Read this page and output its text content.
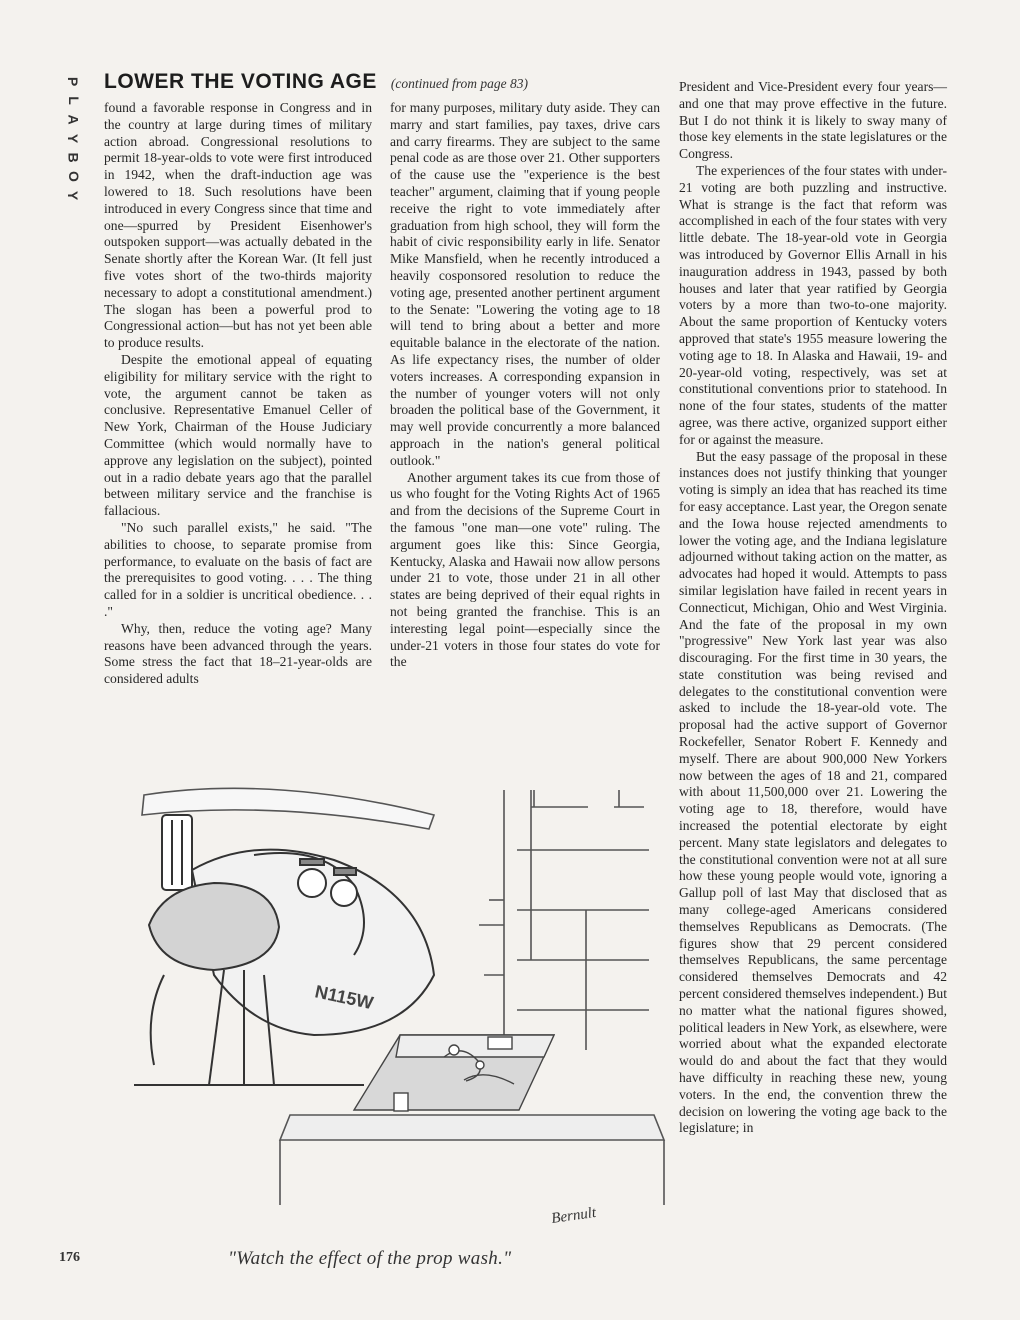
P
L
A
Y
B
O
Y
LOWER THE VOTING AGE (continued from page 83)

found a favorable response in Congress and in the country at large during times of military action abroad. Congressional resolutions to permit 18-year-olds to vote were first introduced in 1942, when the draft-induction age was lowered to 18. Such resolutions have been introduced in every Congress since that time and one—spurred by President Eisenhower's outspoken support—was actually debated in the Senate shortly after the Korean War. (It fell just five votes short of the two-thirds majority necessary to adopt a constitutional amendment.) The slogan has been a powerful prod to Congressional action—but has not yet been able to produce results.

Despite the emotional appeal of equating eligibility for military service with the right to vote, the argument cannot be taken as conclusive. Representative Emanuel Celler of New York, Chairman of the House Judiciary Committee (which would normally have to approve any legislation on the subject), pointed out in a radio debate years ago that the parallel between military service and the franchise is fallacious.

"No such parallel exists," he said. "The abilities to choose, to separate promise from performance, to evaluate on the basis of fact are the prerequisites to good voting. . . . The thing called for in a soldier is uncritical obedience. . . ."

Why, then, reduce the voting age? Many reasons have been advanced through the years. Some stress the fact that 18–21-year-olds are considered adults

for many purposes, military duty aside. They can marry and start families, pay taxes, drive cars and carry firearms. They are subject to the same penal code as are those over 21. Other supporters of the cause use the "experience is the best teacher" argument, claiming that if young people receive the right to vote immediately after graduation from high school, they will form the habit of civic responsibility early in life. Senator Mike Mansfield, when he recently introduced a heavily cosponsored resolution to reduce the voting age, presented another pertinent argument to the Senate: "Lowering the voting age to 18 will tend to bring about a better and more equitable balance in the electorate of the nation. As life expectancy rises, the number of older voters increases. A corresponding expansion in the number of younger voters will not only broaden the political base of the Government, it may well provide concurrently a more balanced approach in the nation's general political outlook."

Another argument takes its cue from those of us who fought for the Voting Rights Act of 1965 and from the decisions of the Supreme Court in the famous "one man—one vote" ruling. The argument goes like this: Since Georgia, Kentucky, Alaska and Hawaii now allow persons under 21 to vote, those under 21 in all other states are being deprived of their equal rights in not being granted the franchise. This is an interesting legal point—especially since the under-21 voters in those four states do vote for the

President and Vice-President every four years—and one that may prove effective in the future. But I do not think it is likely to sway many of those key elements in the state legislatures or the Congress.

The experiences of the four states with under-21 voting are both puzzling and instructive. What is strange is the fact that reform was accomplished in each of the four states with very little debate. The 18-year-old vote in Georgia was introduced by Governor Ellis Arnall in his inauguration address in 1943, passed by both houses and later that year ratified by Georgia voters by a more than two-to-one majority. About the same proportion of Kentucky voters approved that state's 1955 measure lowering the voting age to 18. In Alaska and Hawaii, 19- and 20-year-old voting, respectively, was set at constitutional conventions prior to statehood. In none of the four states, students of the matter agree, was there active, organized support either for or against the measure.

But the easy passage of the proposal in these instances does not justify thinking that younger voting is simply an idea that has reached its time for easy acceptance. Last year, the Oregon senate and the Iowa house rejected amendments to lower the voting age, and the Indiana legislature adjourned without taking action on the matter, as advocates had hoped it would. Attempts to pass similar legislation have failed in recent years in Connecticut, Michigan, Ohio and West Virginia. And the fate of the proposal in my own "progressive" New York last year was also discouraging. For the first time in 30 years, the state constitution was being revised and delegates to the constitutional convention were asked to include the 18-year-old vote. The proposal had the active support of Governor Rockefeller, Senator Robert F. Kennedy and myself. There are about 900,000 New Yorkers now between the ages of 18 and 21, compared with about 11,500,000 over 21. Lowering the voting age to 18, therefore, would have increased the potential electorate by eight percent. Many state legislators and delegates to the constitutional convention were not at all sure how these young people would vote, ignoring a Gallup poll of last May that disclosed that as many college-aged Americans considered themselves Republicans as Democrats. (The figures show that 29 percent considered themselves Republicans, the same percentage considered themselves Democrats and 42 percent considered themselves independent.) But no matter what the national figures showed, political leaders in New York, as elsewhere, were worried about what the expanded electorate would do and about the fact that they would have difficulty in reaching these new, young voters. In the end, the convention threw the decision on lowering the voting age back to the legislature; in

N115W
Bernult
"Watch the effect of the prop wash."
176
